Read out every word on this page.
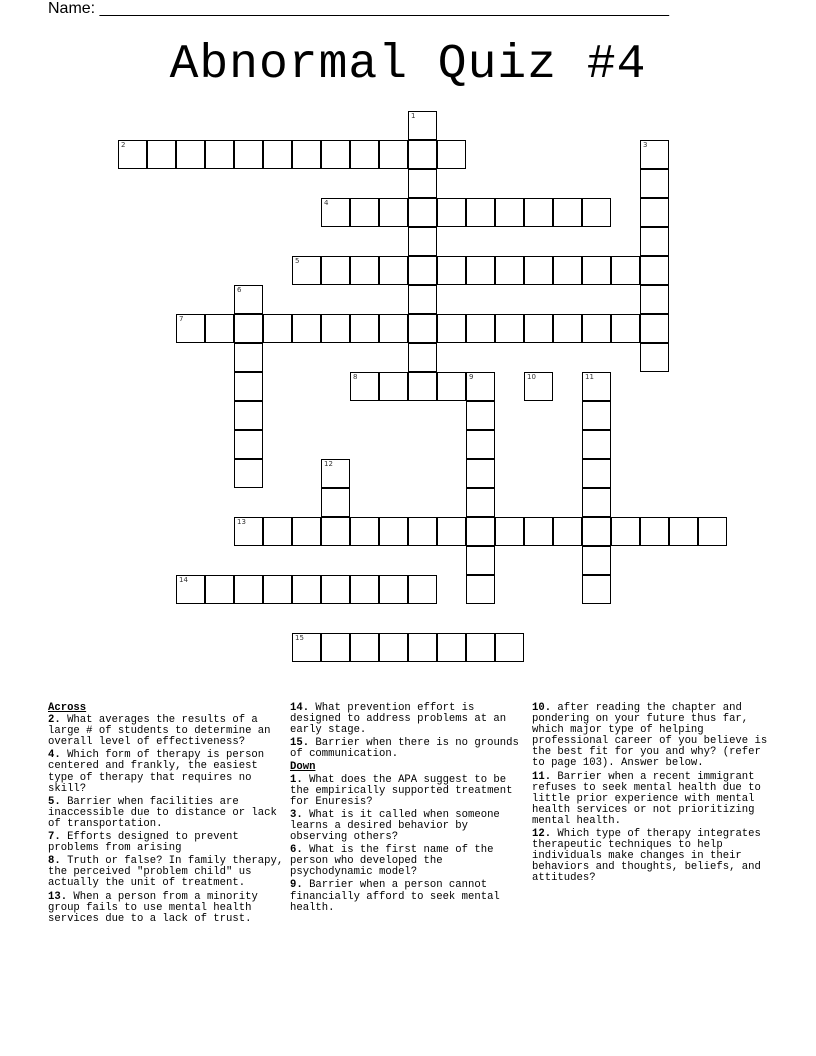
Name: ________________________________________________________________
Abnormal Quiz #4
1
2	3
4
5
6
7
8	9	10	11
12
13
14
15
Across
2. What averages the results of a large # of students to determine an overall level of effectiveness?
4. Which form of therapy is person centered and frankly, the easiest type of therapy that requires no skill?
5. Barrier when facilities are inaccessible due to distance or lack of transportation.
7. Efforts designed to prevent problems from arising
8. Truth or false? In family therapy, the perceived "problem child" us actually the unit of treatment.
13. When a person from a minority group fails to use mental health services due to a lack of trust.
14. What prevention effort is designed to address problems at an early stage.
15. Barrier when there is no grounds of communication.
Down
1. What does the APA suggest to be the empirically supported treatment for Enuresis?
3. What is it called when someone learns a desired behavior by observing others?
6. What is the first name of the person who developed the psychodynamic model?
9. Barrier when a person cannot financially afford to seek mental health.
10. after reading the chapter and pondering on your future thus far, which major type of helping professional career of you believe is the best fit for you and why? (refer to page 103). Answer below.
11. Barrier when a recent immigrant refuses to seek mental health due to little prior experience with mental health services or not prioritizing mental health.
12. Which type of therapy integrates therapeutic techniques to help individuals make changes in their behaviors and thoughts, beliefs, and attitudes?
